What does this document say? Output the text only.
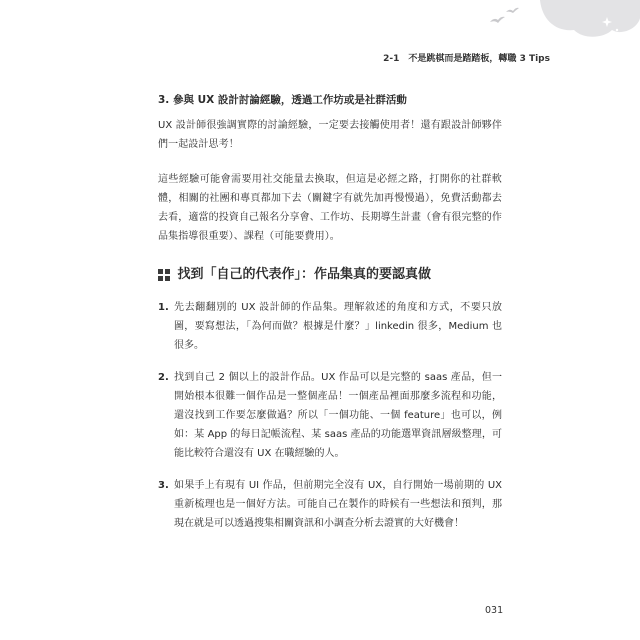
2-1　不是跳棋而是踏踏板，轉職 3 Tips
3. 參與 UX 設計討論經驗，透過工作坊或是社群活動

UX 設計師很強調實際的討論經驗，一定要去接觸使用者！還有跟設計師夥伴們一起設計思考！

這些經驗可能會需要用社交能量去換取，但這是必經之路，打開你的社群軟體，相關的社團和專頁都加下去（關鍵字有就先加再慢慢過），免費活動都去去看，適當的投資自己報名分享會、工作坊、長期導生計畫（會有很完整的作品集指導很重要）、課程（可能要費用）。

找到「自己的代表作」：作品集真的要認真做
1. 先去翻翻別的 UX 設計師的作品集。理解敘述的角度和方式，不要只放圖，要寫想法，「為何而做？根據是什麼？」linkedin 很多，Medium 也很多。
2. 找到自己 2 個以上的設計作品。UX 作品可以是完整的 saas 產品，但一開始根本很難一個作品是一整個產品！一個產品裡面那麼多流程和功能，還沒找到工作要怎麼做過？所以「一個功能、一個 feature」也可以，例如：某 App 的每日記帳流程、某 saas 產品的功能選單資訊層級整理，可能比較符合還沒有 UX 在職經驗的人。
3. 如果手上有現有 UI 作品，但前期完全沒有 UX，自行開始一場前期的 UX 重新梳理也是一個好方法。可能自己在製作的時候有一些想法和預判，那現在就是可以透過搜集相關資訊和小調查分析去證實的大好機會！
031
